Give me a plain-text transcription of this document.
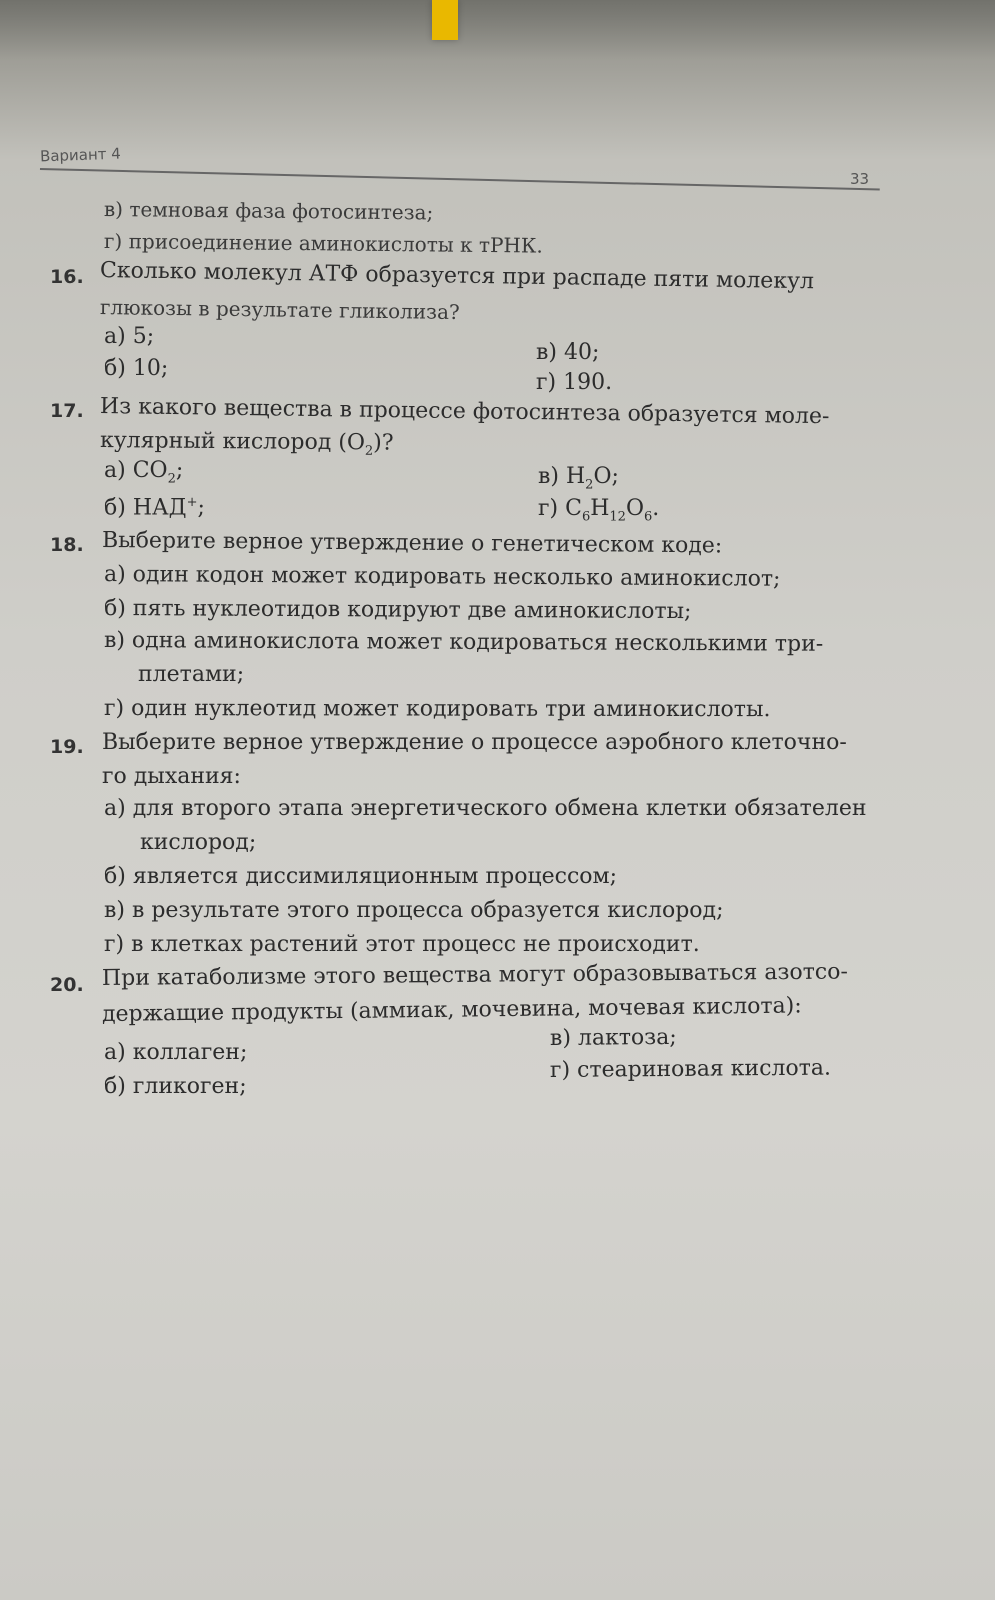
Вариант 4
33
в) темновая фаза фотосинтеза;
г) присоединение аминокислоты к тРНК.
16. Сколько молекул АТФ образуется при распаде пяти молекул
глюкозы в результате гликолиза?
а) 5;
б) 10;
в) 40;
г) 190.
17. Из какого вещества в процессе фотосинтеза образуется моле-
кулярный кислород $(О_2)$?
а) $СО_2$;
б) НАД+;
в) $Н_2О$;
г) $С_6Н_{12}О_6$.
18. Выберите верное утверждение о генетическом коде:
а) один кодон может кодировать несколько аминокислот;
б) пять нуклеотидов кодируют две аминокислоты;
в) одна аминокислота может кодироваться несколькими три-
плетами;
г) один нуклеотид может кодировать три аминокислоты.
19. Выберите верное утверждение о процессе аэробного клеточно-
го дыхания:
а) для второго этапа энергетического обмена клетки обязателен
кислород;
б) является диссимиляционным процессом;
в) в результате этого процесса образуется кислород;
г) в клетках растений этот процесс не происходит.
20. При катаболизме этого вещества могут образовываться азотсо-
держащие продукты (аммиак, мочевина, мочевая кислота):
а) коллаген;
б) гликоген;
в) лактоза;
г) стеариновая кислота.
